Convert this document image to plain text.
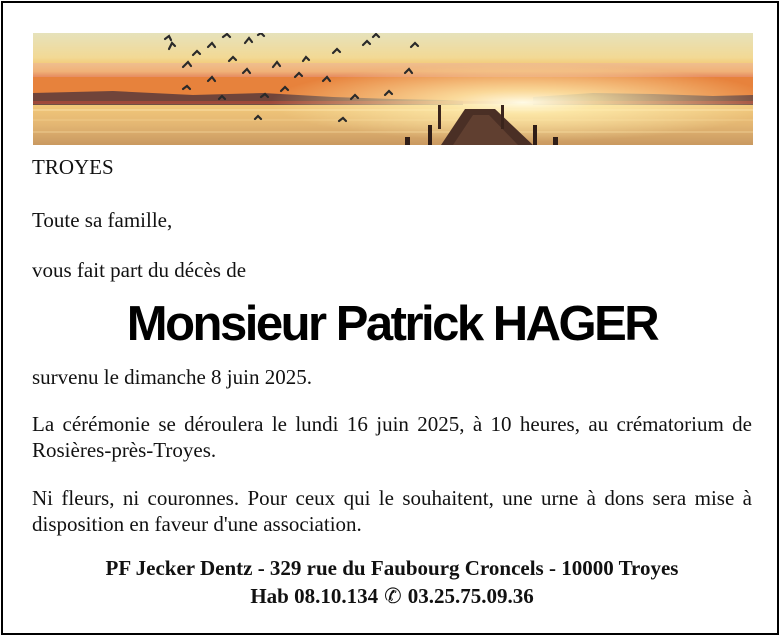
TROYES

Toute sa famille,

vous fait part du décès de

Monsieur Patrick HAGER

survenu le dimanche 8 juin 2025.

La cérémonie se déroulera le lundi 16 juin 2025, à 10 heures, au crématorium de Rosières-près-Troyes.

Ni fleurs, ni couronnes. Pour ceux qui le souhaitent, une urne à dons sera mise à disposition en faveur d'une association.

PF Jecker Dentz - 329 rue du Faubourg Croncels - 10000 Troyes
Hab 08.10.134 ✆ 03.25.75.09.36
